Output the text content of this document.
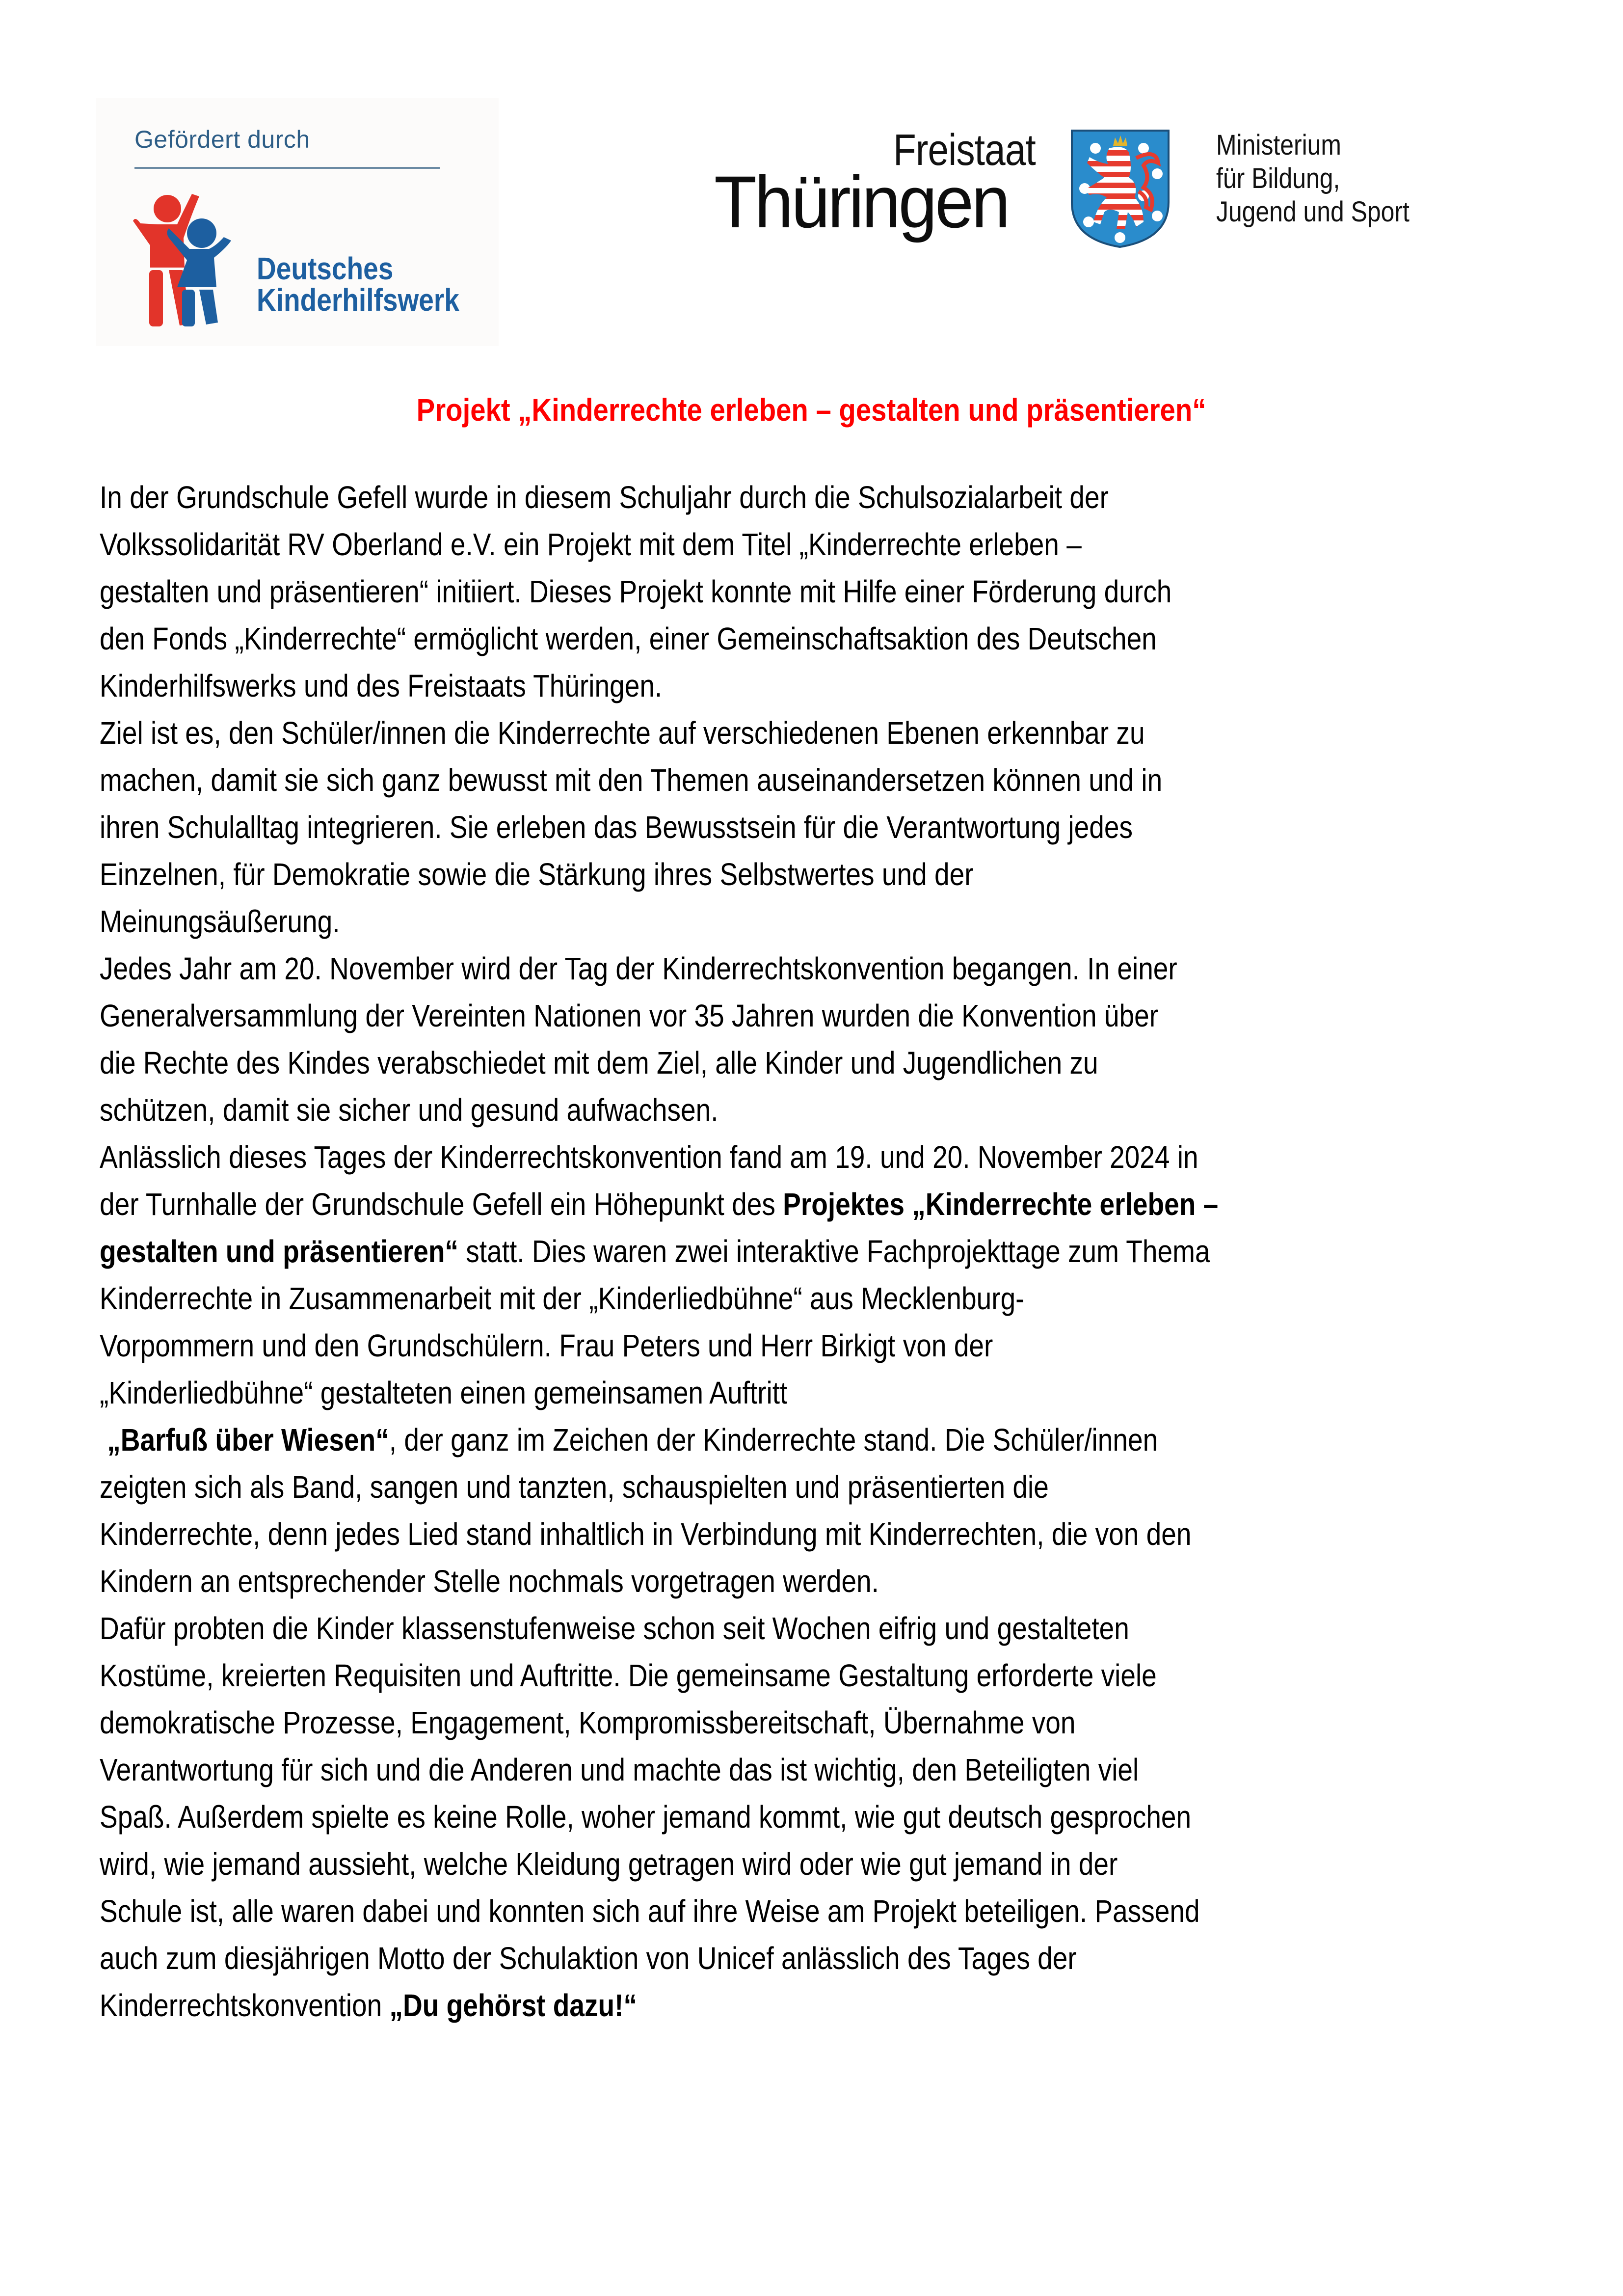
Gefördert durch
Deutsches
Kinderhilfswerk
Freistaat
Thüringen
Ministerium
für Bildung,
Jugend und Sport
Projekt „Kinderrechte erleben – gestalten und präsentieren“
In der Grundschule Gefell wurde in diesem Schuljahr durch die Schulsozialarbeit der
Volkssolidarität RV Oberland e.V. ein Projekt mit dem Titel „Kinderrechte erleben –
gestalten und präsentieren“ initiiert. Dieses Projekt konnte mit Hilfe einer Förderung durch
den Fonds „Kinderrechte“ ermöglicht werden, einer Gemeinschaftsaktion des Deutschen
Kinderhilfswerks und des Freistaats Thüringen.
Ziel ist es, den Schüler/innen die Kinderrechte auf verschiedenen Ebenen erkennbar zu
machen, damit sie sich ganz bewusst mit den Themen auseinandersetzen können und in
ihren Schulalltag integrieren. Sie erleben das Bewusstsein für die Verantwortung jedes
Einzelnen, für Demokratie sowie die Stärkung ihres Selbstwertes und der
Meinungsäußerung.
Jedes Jahr am 20. November wird der Tag der Kinderrechtskonvention begangen. In einer
Generalversammlung der Vereinten Nationen vor 35 Jahren wurden die Konvention über
die Rechte des Kindes verabschiedet mit dem Ziel, alle Kinder und Jugendlichen zu
schützen, damit sie sicher und gesund aufwachsen.
Anlässlich dieses Tages der Kinderrechtskonvention fand am 19. und 20. November 2024 in
der Turnhalle der Grundschule Gefell ein Höhepunkt des Projektes „Kinderrechte erleben –
gestalten und präsentieren“ statt. Dies waren zwei interaktive Fachprojekttage zum Thema
Kinderrechte in Zusammenarbeit mit der „Kinderliedbühne“ aus Mecklenburg-
Vorpommern und den Grundschülern. Frau Peters und Herr Birkigt von der
„Kinderliedbühne“ gestalteten einen gemeinsamen Auftritt
„Barfuß über Wiesen“, der ganz im Zeichen der Kinderrechte stand. Die Schüler/innen
zeigten sich als Band, sangen und tanzten, schauspielten und präsentierten die
Kinderrechte, denn jedes Lied stand inhaltlich in Verbindung mit Kinderrechten, die von den
Kindern an entsprechender Stelle nochmals vorgetragen werden.
Dafür probten die Kinder klassenstufenweise schon seit Wochen eifrig und gestalteten
Kostüme, kreierten Requisiten und Auftritte. Die gemeinsame Gestaltung erforderte viele
demokratische Prozesse, Engagement, Kompromissbereitschaft, Übernahme von
Verantwortung für sich und die Anderen und machte das ist wichtig, den Beteiligten viel
Spaß. Außerdem spielte es keine Rolle, woher jemand kommt, wie gut deutsch gesprochen
wird, wie jemand aussieht, welche Kleidung getragen wird oder wie gut jemand in der
Schule ist, alle waren dabei und konnten sich auf ihre Weise am Projekt beteiligen. Passend
auch zum diesjährigen Motto der Schulaktion von Unicef anlässlich des Tages der
Kinderrechtskonvention „Du gehörst dazu!“
